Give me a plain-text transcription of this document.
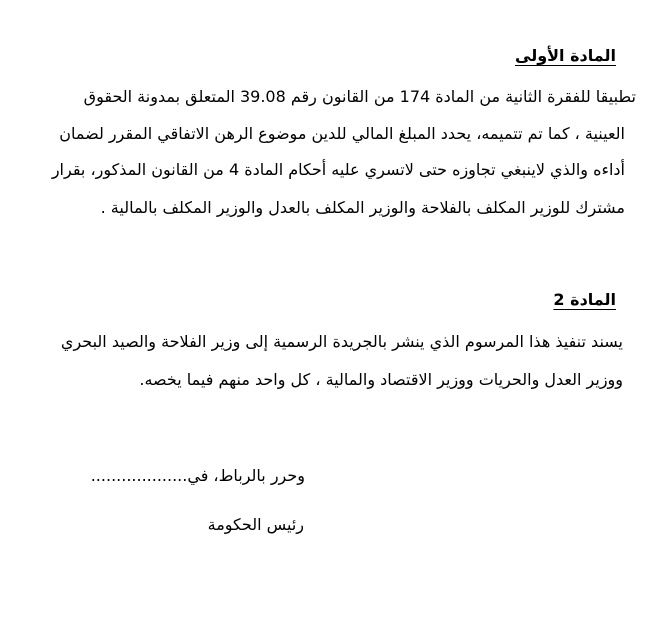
المادة الأولى
تطبيقا للفقرة الثانية من المادة 174 من القانون رقم 39.08 المتعلق بمدونة الحقوق
العينية ، كما تم تتميمه، يحدد المبلغ المالي للدين موضوع الرهن الاتفاقي المقرر لضمان
أداءه والذي لاينبغي تجاوزه حتى لاتسري عليه أحكام المادة 4 من القانون المذكور، بقرار
مشترك للوزير المكلف بالفلاحة والوزير المكلف بالعدل والوزير المكلف بالمالية .
المادة 2
يسند تنفيذ هذا المرسوم الذي ينشر بالجريدة الرسمية إلى وزير الفلاحة والصيد البحري
ووزير العدل والحريات ووزير الاقتصاد والمالية ، كل واحد منهم فيما يخصه.
وحرر بالرباط، في...................
رئيس الحكومة
